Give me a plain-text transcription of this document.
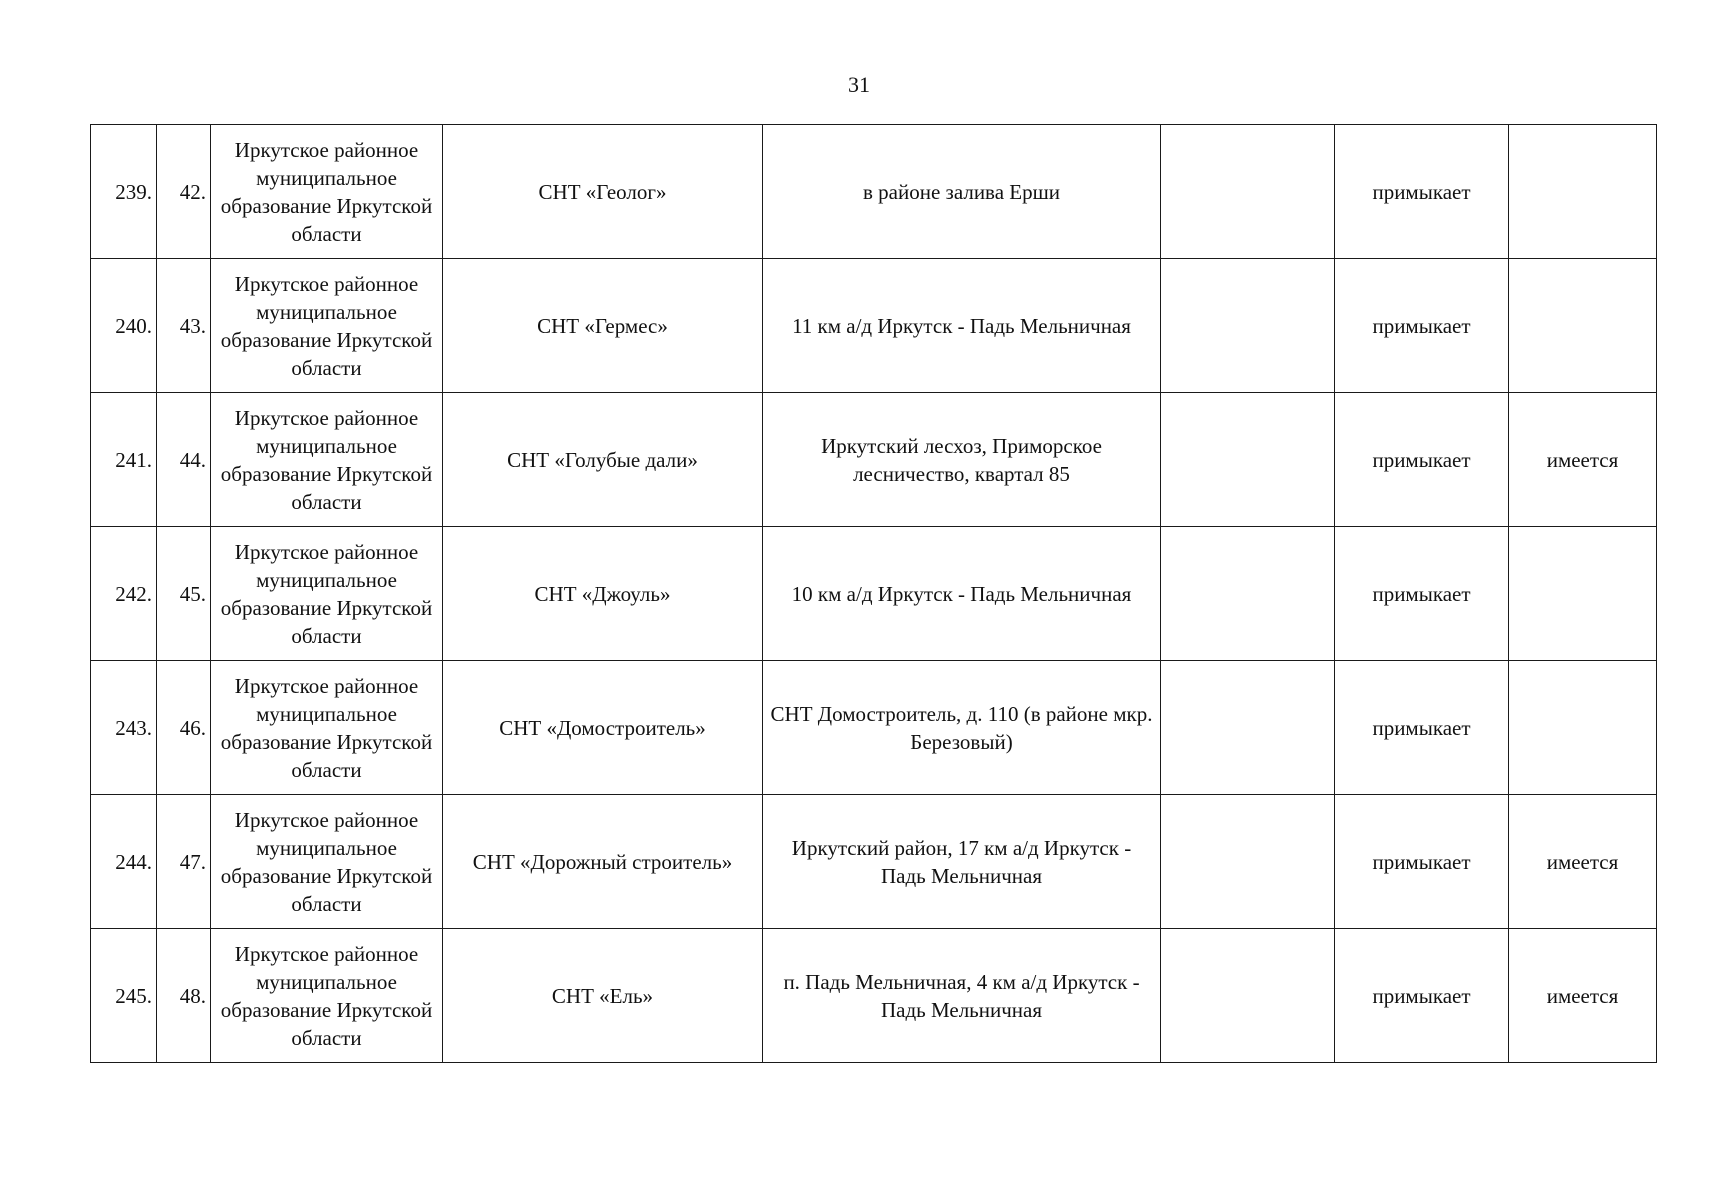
31
239.	42.	Иркутское районное муниципальное образование Иркутской области	СНТ «Геолог»	в районе залива Ерши		примыкает	
240.	43.	Иркутское районное муниципальное образование Иркутской области	СНТ «Гермес»	11 км а/д Иркутск - Падь Мельничная		примыкает	
241.	44.	Иркутское районное муниципальное образование Иркутской области	СНТ «Голубые дали»	Иркутский лесхоз, Приморское лесничество, квартал 85		примыкает	имеется
242.	45.	Иркутское районное муниципальное образование Иркутской области	СНТ «Джоуль»	10 км а/д Иркутск - Падь Мельничная		примыкает	
243.	46.	Иркутское районное муниципальное образование Иркутской области	СНТ «Домостроитель»	СНТ Домостроитель, д. 110 (в районе мкр. Березовый)		примыкает	
244.	47.	Иркутское районное муниципальное образование Иркутской области	СНТ «Дорожный строитель»	Иркутский район, 17 км а/д Иркутск - Падь Мельничная		примыкает	имеется
245.	48.	Иркутское районное муниципальное образование Иркутской области	СНТ «Ель»	п. Падь Мельничная, 4 км а/д Иркутск - Падь Мельничная		примыкает	имеется
